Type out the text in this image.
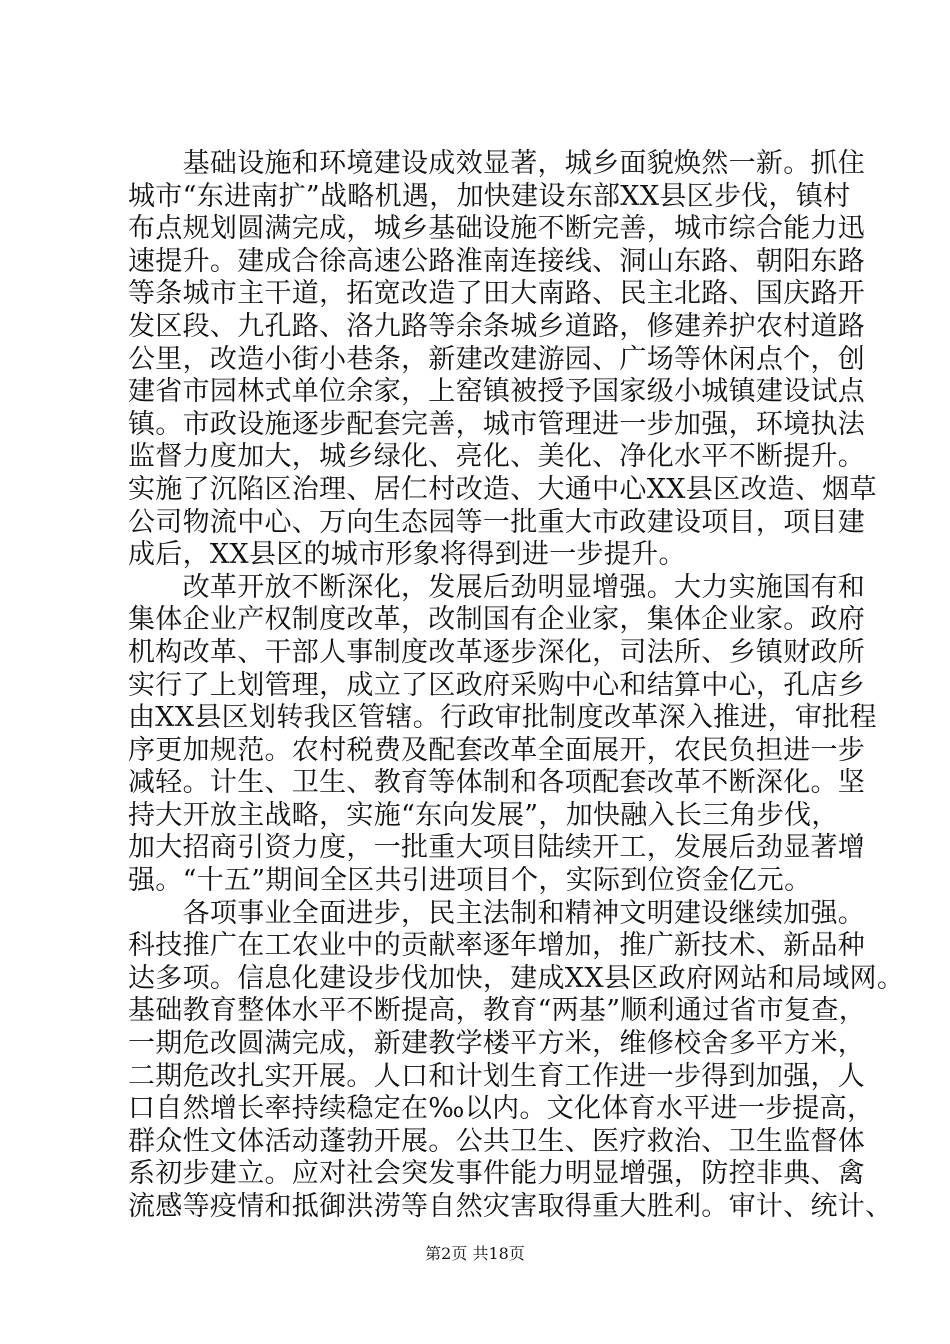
　　基础设施和环境建设成效显著，城乡面貌焕然一新。抓住
城市“东进南扩”战略机遇，加快建设东部XX县区步伐，镇村
布点规划圆满完成，城乡基础设施不断完善，城市综合能力迅
速提升。建成合徐高速公路淮南连接线、洞山东路、朝阳东路
等条城市主干道，拓宽改造了田大南路、民主北路、国庆路开
发区段、九孔路、洛九路等余条城乡道路，修建养护农村道路
公里，改造小街小巷条，新建改建游园、广场等休闲点个，创
建省市园林式单位余家，上窑镇被授予国家级小城镇建设试点
镇。市政设施逐步配套完善，城市管理进一步加强，环境执法
监督力度加大，城乡绿化、亮化、美化、净化水平不断提升。
实施了沉陷区治理、居仁村改造、大通中心XX县区改造、烟草
公司物流中心、万向生态园等一批重大市政建设项目，项目建
成后，XX县区的城市形象将得到进一步提升。
　　改革开放不断深化，发展后劲明显增强。大力实施国有和
集体企业产权制度改革，改制国有企业家，集体企业家。政府
机构改革、干部人事制度改革逐步深化，司法所、乡镇财政所
实行了上划管理，成立了区政府采购中心和结算中心，孔店乡
由XX县区划转我区管辖。行政审批制度改革深入推进，审批程
序更加规范。农村税费及配套改革全面展开，农民负担进一步
减轻。计生、卫生、教育等体制和各项配套改革不断深化。坚
持大开放主战略，实施“东向发展”，加快融入长三角步伐，
加大招商引资力度，一批重大项目陆续开工，发展后劲显著增
强。“十五”期间全区共引进项目个，实际到位资金亿元。
　　各项事业全面进步，民主法制和精神文明建设继续加强。
科技推广在工农业中的贡献率逐年增加，推广新技术、新品种
达多项。信息化建设步伐加快，建成XX县区政府网站和局域网。
基础教育整体水平不断提高，教育“两基”顺利通过省市复查，
一期危改圆满完成，新建教学楼平方米，维修校舍多平方米，
二期危改扎实开展。人口和计划生育工作进一步得到加强，人
口自然增长率持续稳定在‰以内。文化体育水平进一步提高，
群众性文体活动蓬勃开展。公共卫生、医疗救治、卫生监督体
系初步建立。应对社会突发事件能力明显增强，防控非典、禽
流感等疫情和抵御洪涝等自然灾害取得重大胜利。审计、统计、
第2页 共18页
